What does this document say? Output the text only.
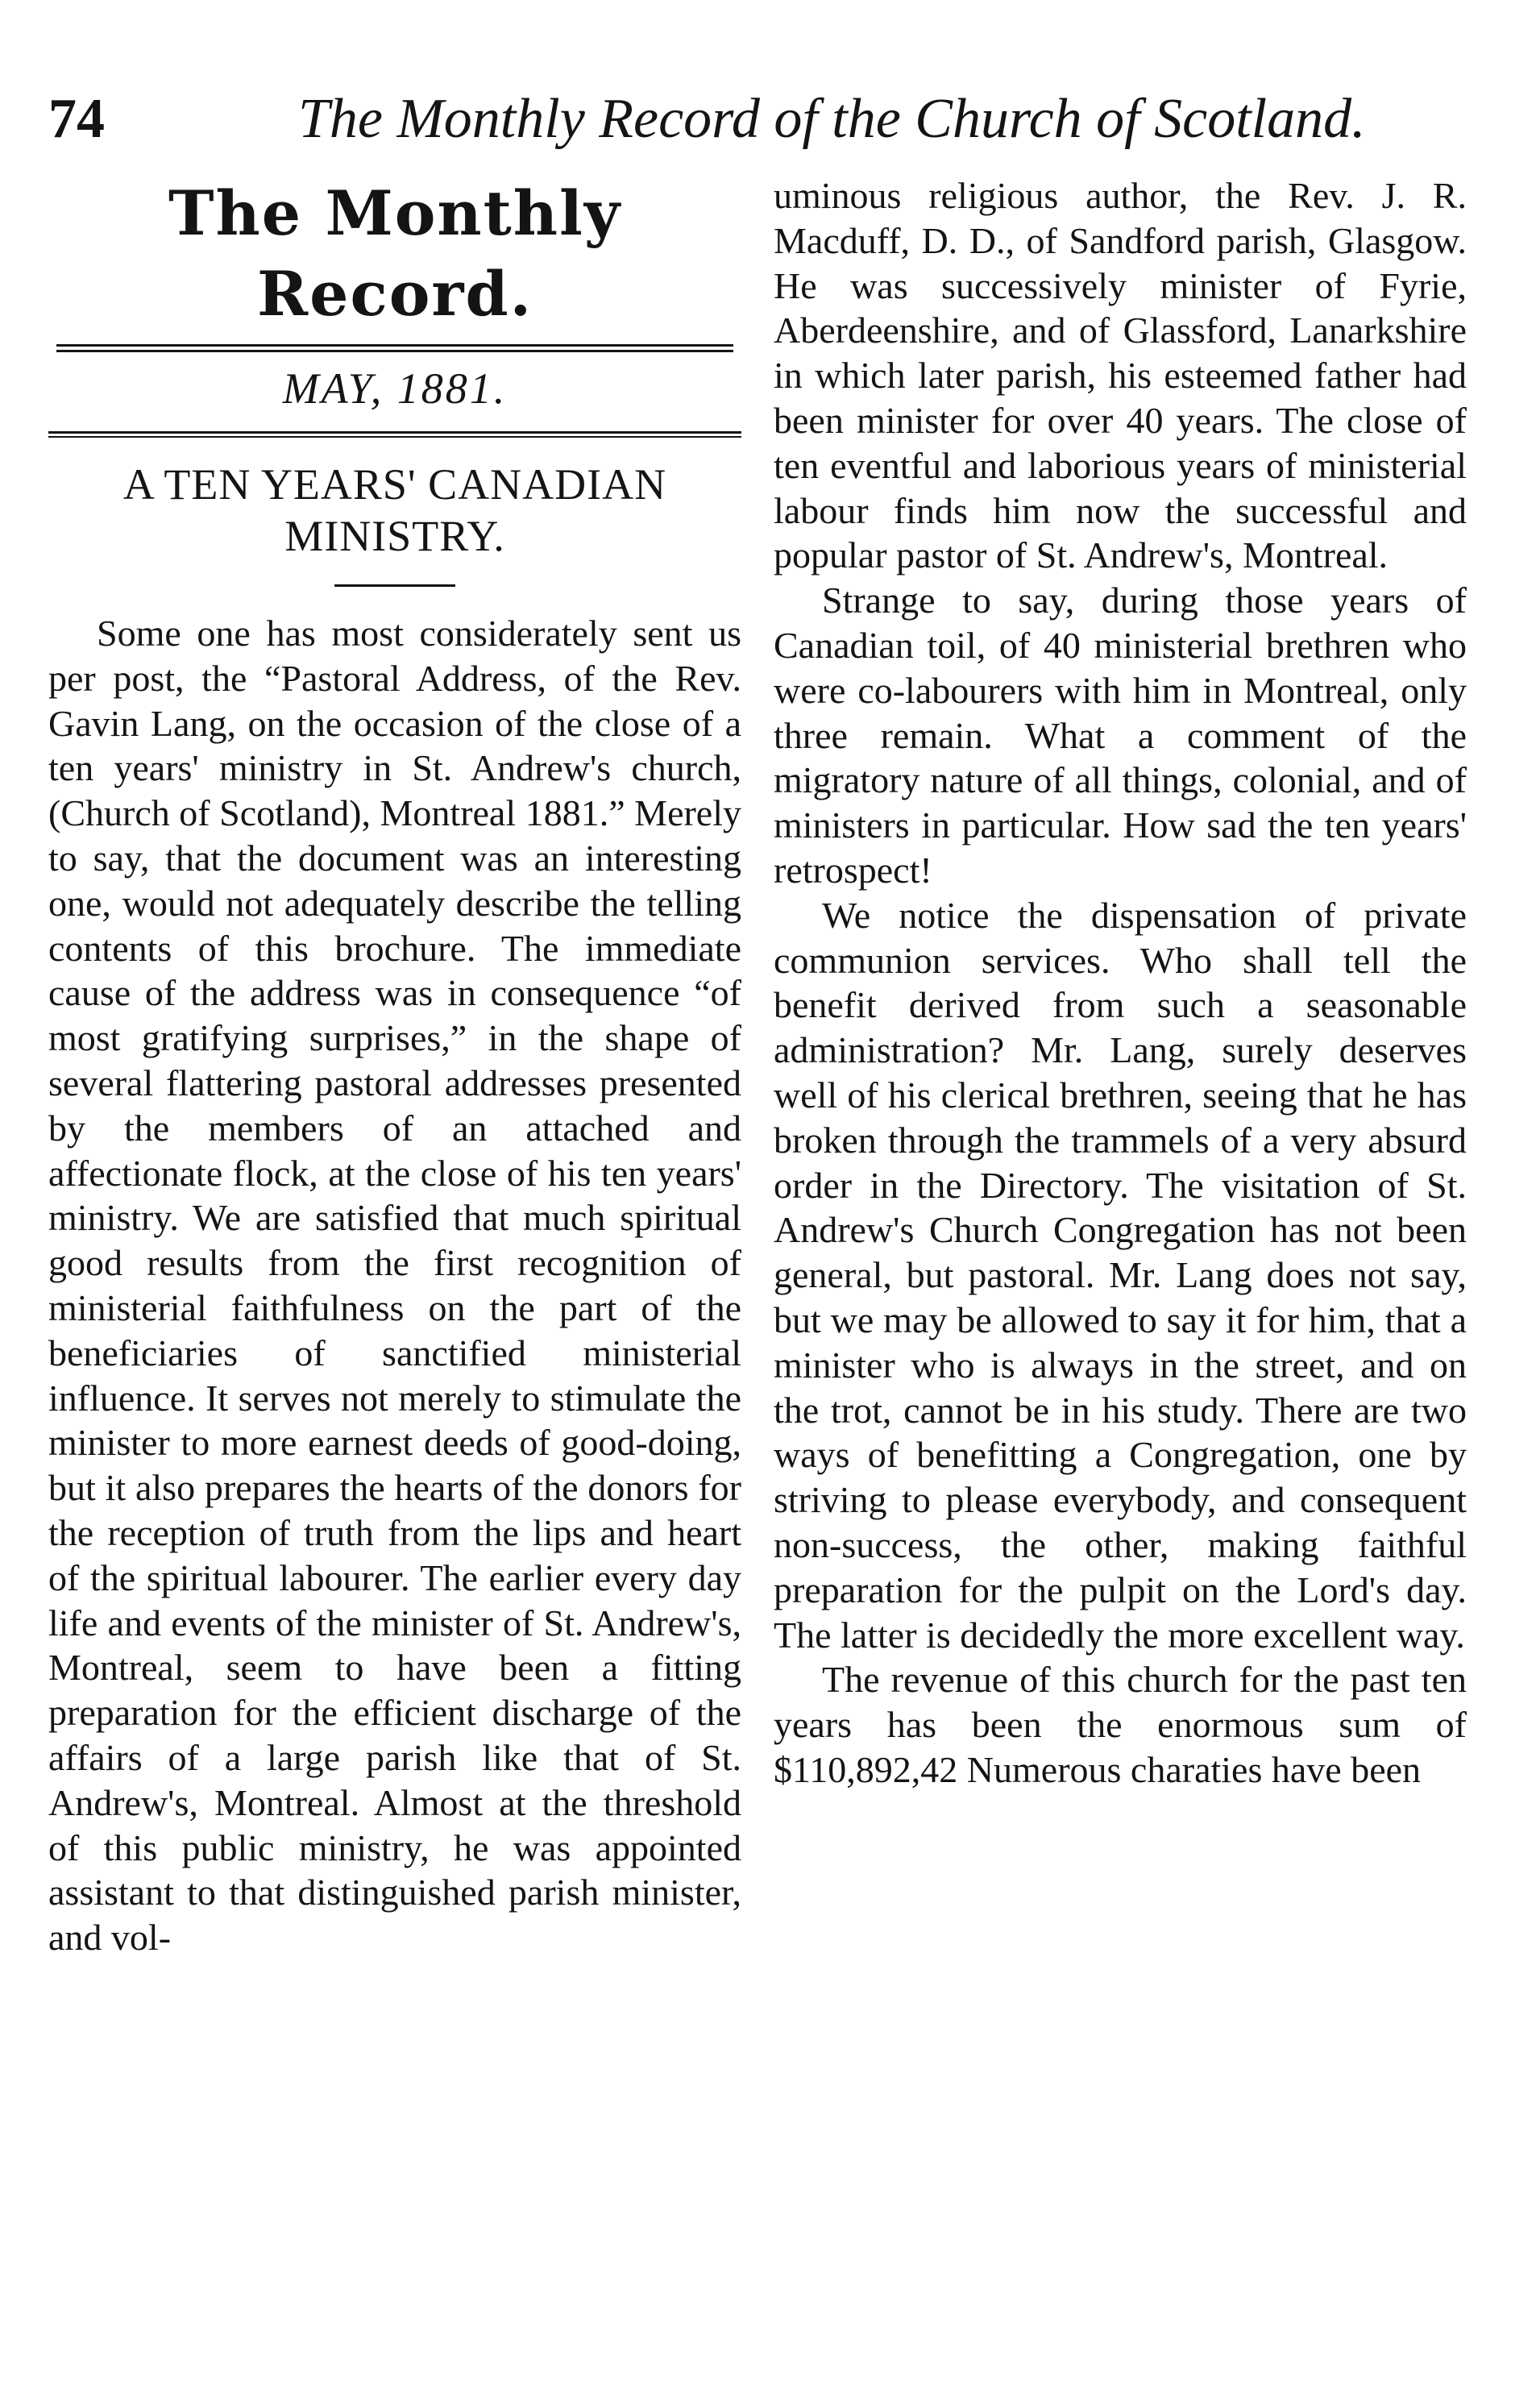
74	The Monthly Record of the Church of Scotland.
The Monthly Record.
MAY, 1881.
A TEN YEARS' CANADIAN
MINISTRY.

Some one has most considerately sent us per post, the “Pastoral Address, of the Rev. Gavin Lang, on the occasion of the close of a ten years' ministry in St. Andrew's church, (Church of Scotland), Montreal 1881.” Merely to say, that the document was an interesting one, would not adequately describe the telling contents of this brochure. The immediate cause of the address was in consequence “of most gratifying surprises,” in the shape of several flattering pastoral addresses presented by the members of an attached and affectionate flock, at the close of his ten years' ministry. We are satisfied that much spiritual good results from the first recognition of ministerial faithfulness on the part of the beneficiaries of sanctified ministerial influence. It serves not merely to stimulate the minister to more earnest deeds of good-doing, but it also prepares the hearts of the donors for the reception of truth from the lips and heart of the spiritual labourer. The earlier every day life and events of the minister of St. Andrew's, Montreal, seem to have been a fitting preparation for the efficient discharge of the affairs of a large parish like that of St. Andrew's, Montreal. Almost at the threshold of this public ministry, he was appointed assistant to that distinguished parish minister, and vol-

uminous religious author, the Rev. J. R. Macduff, D. D., of Sandford parish, Glasgow. He was successively minister of Fyrie, Aberdeenshire, and of Glassford, Lanarkshire in which later parish, his esteemed father had been minister for over 40 years. The close of ten eventful and laborious years of ministerial labour finds him now the successful and popular pastor of St. Andrew's, Montreal.

Strange to say, during those years of Canadian toil, of 40 ministerial brethren who were co-labourers with him in Montreal, only three remain. What a comment of the migratory nature of all things, colonial, and of ministers in particular. How sad the ten years' retrospect!

We notice the dispensation of private communion services. Who shall tell the benefit derived from such a seasonable administration? Mr. Lang, surely deserves well of his clerical brethren, seeing that he has broken through the trammels of a very absurd order in the Directory. The visitation of St. Andrew's Church Congregation has not been general, but pastoral. Mr. Lang does not say, but we may be allowed to say it for him, that a minister who is always in the street, and on the trot, cannot be in his study. There are two ways of benefitting a Congregation, one by striving to please everybody, and consequent non-success, the other, making faithful preparation for the pulpit on the Lord's day. The latter is decidedly the more excellent way.

The revenue of this church for the past ten years has been the enormous sum of $110,892,42 Numerous charaties have been
